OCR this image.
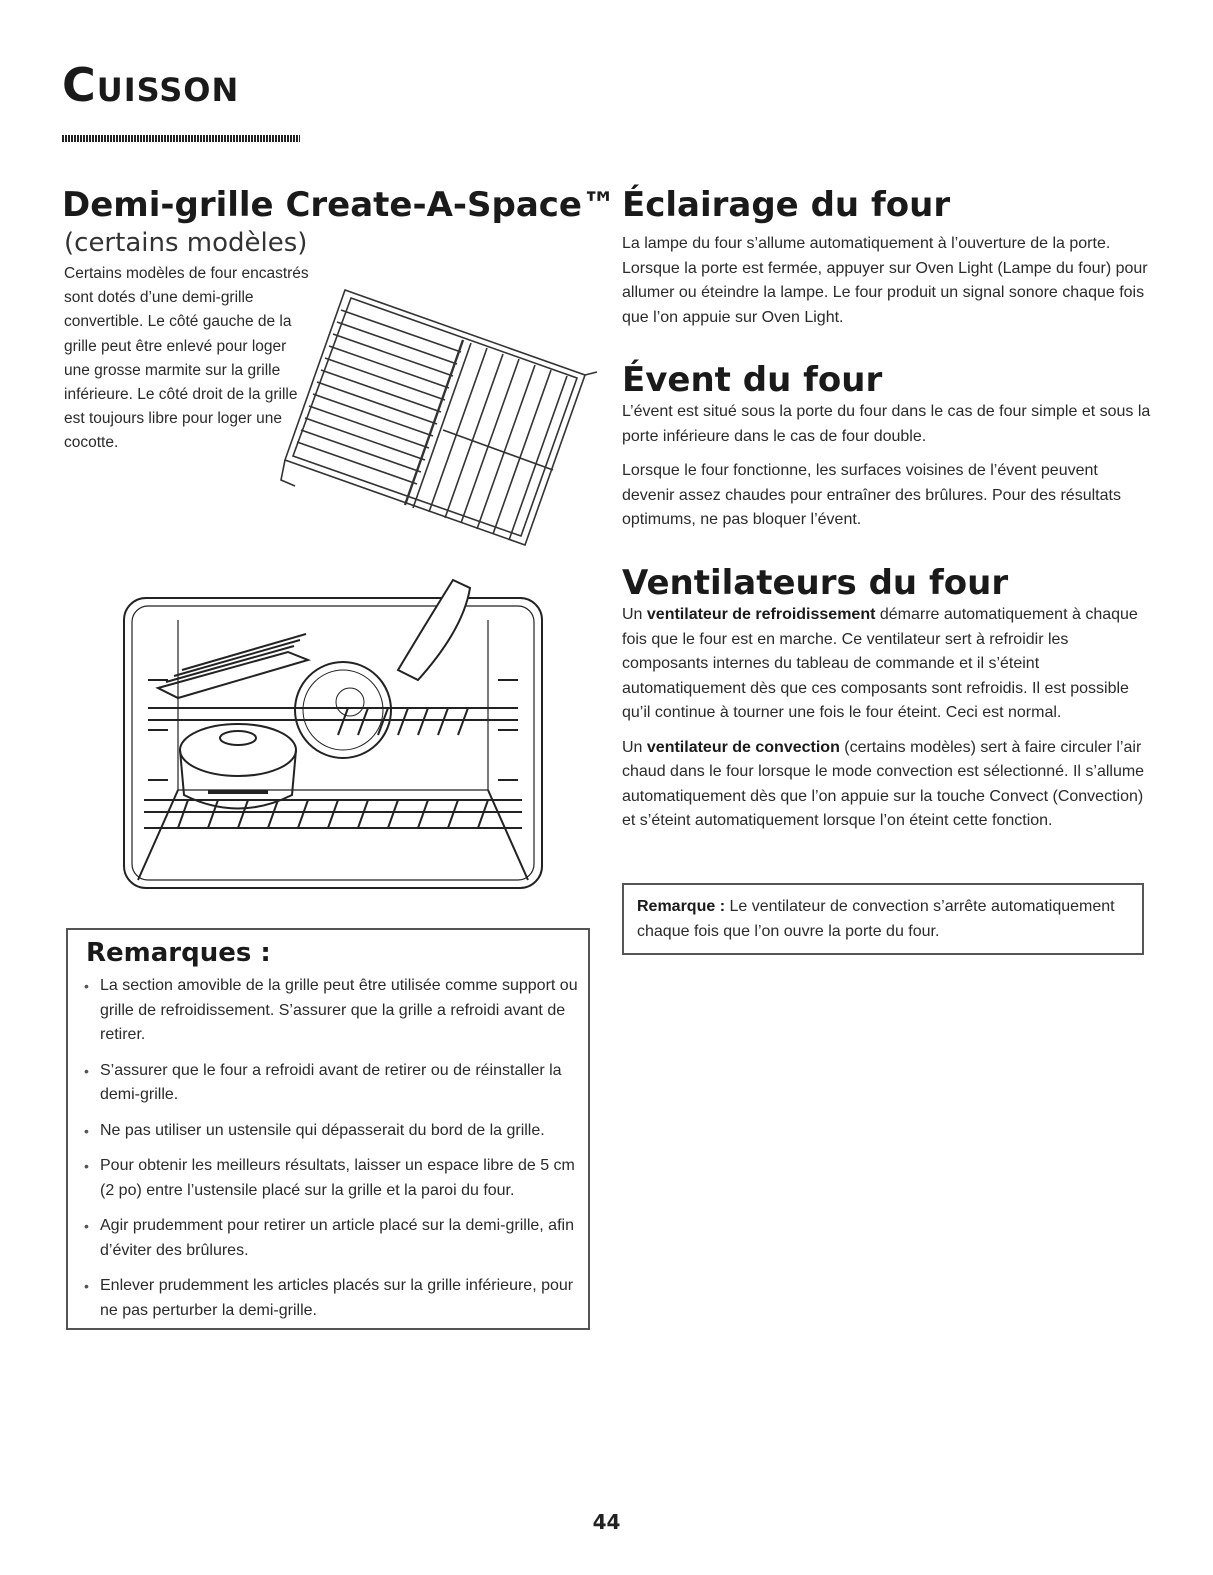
Cuisson
Demi-grille Create-A-Space™
(certains modèles)
Certains modèles de four encastrés sont dotés d’une demi-grille convertible. Le côté gauche de la grille peut être enlevé pour loger une grosse marmite sur la grille inférieure. Le côté droit de la grille est toujours libre pour loger une cocotte.
Remarques :
• La section amovible de la grille peut être utilisée comme support ou grille de refroidissement. S’assurer que la grille a refroidi avant de retirer.
• S’assurer que le four a refroidi avant de retirer ou de réinstaller la demi-grille.
• Ne pas utiliser un ustensile qui dépasserait du bord de la grille.
• Pour obtenir les meilleurs résultats, laisser un espace libre de 5 cm (2 po) entre l’ustensile placé sur la grille et la paroi du four.
• Agir prudemment pour retirer un article placé sur la demi-grille, afin d’éviter des brûlures.
• Enlever prudemment les articles placés sur la grille inférieure, pour ne pas perturber la demi-grille.
Éclairage du four
La lampe du four s’allume automatiquement à l’ouverture de la porte. Lorsque la porte est fermée, appuyer sur Oven Light (Lampe du four) pour allumer ou éteindre la lampe. Le four produit un signal sonore chaque fois que l’on appuie sur Oven Light.
Évent du four

L’évent est situé sous la porte du four dans le cas de four simple et sous la porte inférieure dans le cas de four double.

Lorsque le four fonctionne, les surfaces voisines de l’évent peuvent devenir assez chaudes pour entraîner des brûlures. Pour des résultats optimums, ne pas bloquer l’évent.

Ventilateurs du four

Un ventilateur de refroidissement démarre automatiquement à chaque fois que le four est en marche. Ce ventilateur sert à refroidir les composants internes du tableau de commande et il s’éteint automatiquement dès que ces composants sont refroidis. Il est possible qu’il continue à tourner une fois le four éteint. Ceci est normal.

Un ventilateur de convection (certains modèles) sert à faire circuler l’air chaud dans le four lorsque le mode convection est sélectionné. Il s’allume automatiquement dès que l’on appuie sur la touche Convect (Convection) et s’éteint automatiquement lorsque l’on éteint cette fonction.

Remarque : Le ventilateur de convection s’arrête automatiquement chaque fois que l’on ouvre la porte du four.
44
